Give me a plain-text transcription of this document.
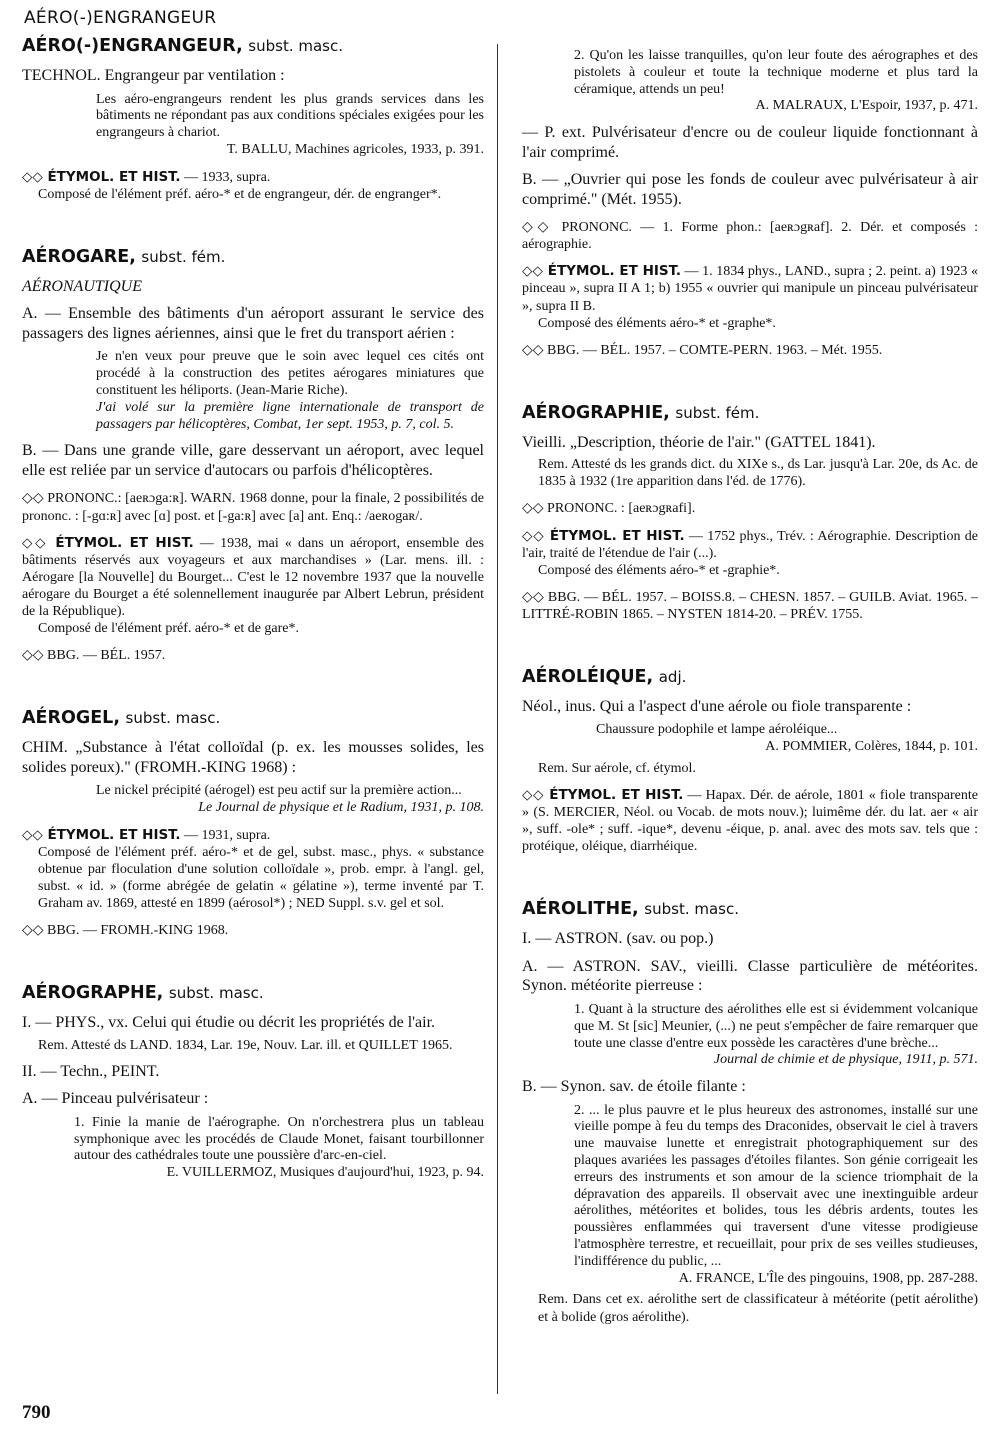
AÉRO(-)ENGRANGEUR
AÉRO(-)ENGRANGEUR, subst. masc.

TECHNOL. Engrangeur par ventilation :

Les aéro-engrangeurs rendent les plus grands services dans les bâtiments ne répondant pas aux conditions spéciales exigées pour les engrangeurs à chariot.
T. BALLU, Machines agricoles, 1933, p. 391.
◇◇ ÉTYMOL. ET HIST. — 1933, supra.
Composé de l'élément préf. aéro-* et de engrangeur, dér. de engranger*.
AÉROGARE, subst. fém.

AÉRONAUTIQUE

A. — Ensemble des bâtiments d'un aéroport assurant le service des passagers des lignes aériennes, ainsi que le fret du transport aérien :

Je n'en veux pour preuve que le soin avec lequel ces cités ont procédé à la construction des petites aérogares miniatures que constituent les héliports. (Jean-Marie Riche).
J'ai volé sur la première ligne internationale de transport de passagers par hélicoptères, Combat, 1er sept. 1953, p. 7, col. 5.

B. — Dans une grande ville, gare desservant un aéroport, avec lequel elle est reliée par un service d'autocars ou parfois d'hélicoptères.

◇◇ PRONONC.: [aeʀɔga:ʀ]. WARN. 1968 donne, pour la finale, 2 possibilités de prononc. : [-gɑ:ʀ] avec [ɑ] post. et [-ga:ʀ] avec [a] ant. Enq.: /aeʀogaʀ/.
◇◇ ÉTYMOL. ET HIST. — 1938, mai « dans un aéroport, ensemble des bâtiments réservés aux voyageurs et aux marchandises » (Lar. mens. ill. : Aérogare [la Nouvelle] du Bourget... C'est le 12 novembre 1937 que la nouvelle aérogare du Bourget a été solennellement inaugurée par Albert Lebrun, président de la République).
Composé de l'élément préf. aéro-* et de gare*.
◇◇ BBG. — BÉL. 1957.
AÉROGEL, subst. masc.

CHIM. „Substance à l'état colloïdal (p. ex. les mousses solides, les solides poreux)." (FROMH.-KING 1968) :

Le nickel précipité (aérogel) est peu actif sur la première action...
Le Journal de physique et le Radium, 1931, p. 108.
◇◇ ÉTYMOL. ET HIST. — 1931, supra.
Composé de l'élément préf. aéro-* et de gel, subst. masc., phys. « substance obtenue par floculation d'une solution colloïdale », prob. empr. à l'angl. gel, subst. « id. » (forme abrégée de gelatin « gélatine »), terme inventé par T. Graham av. 1869, attesté en 1899 (aérosol*) ; NED Suppl. s.v. gel et sol.
◇◇ BBG. — FROMH.-KING 1968.
AÉROGRAPHE, subst. masc.

I. — PHYS., vx. Celui qui étudie ou décrit les propriétés de l'air.

Rem. Attesté ds LAND. 1834, Lar. 19e, Nouv. Lar. ill. et QUILLET 1965.

II. — Techn., PEINT.

A. — Pinceau pulvérisateur :

1. Finie la manie de l'aérographe. On n'orchestrera plus un tableau symphonique avec les procédés de Claude Monet, faisant tourbillonner autour des cathédrales toute une poussière d'arc-en-ciel.
E. VUILLERMOZ, Musiques d'aujourd'hui, 1923, p. 94.
2. Qu'on les laisse tranquilles, qu'on leur foute des aérographes et des pistolets à couleur et toute la technique moderne et plus tard la céramique, attends un peu!
A. MALRAUX, L'Espoir, 1937, p. 471.

— P. ext. Pulvérisateur d'encre ou de couleur liquide fonctionnant à l'air comprimé.

B. — „Ouvrier qui pose les fonds de couleur avec pulvérisateur à air comprimé." (Mét. 1955).

◇◇ PRONONC. — 1. Forme phon.: [aeʀɔgʀaf]. 2. Dér. et composés : aérographie.
◇◇ ÉTYMOL. ET HIST. — 1. 1834 phys., LAND., supra ; 2. peint. a) 1923 « pinceau », supra II A 1; b) 1955 « ouvrier qui manipule un pinceau pulvérisateur », supra II B.
Composé des éléments aéro-* et -graphe*.
◇◇ BBG. — BÉL. 1957. – COMTE-PERN. 1963. – Mét. 1955.
AÉROGRAPHIE, subst. fém.

Vieilli. „Description, théorie de l'air." (GATTEL 1841).

Rem. Attesté ds les grands dict. du XIXe s., ds Lar. jusqu'à Lar. 20e, ds Ac. de 1835 à 1932 (1re apparition dans l'éd. de 1776).
◇◇ PRONONC. : [aeʀɔgʀafi].
◇◇ ÉTYMOL. ET HIST. — 1752 phys., Trév. : Aérographie. Description de l'air, traité de l'étendue de l'air (...).
Composé des éléments aéro-* et -graphie*.
◇◇ BBG. — BÉL. 1957. – BOISS.8. – CHESN. 1857. – GUILB. Aviat. 1965. – LITTRÉ-ROBIN 1865. – NYSTEN 1814-20. – PRÉV. 1755.
AÉROLÉIQUE, adj.

Néol., inus. Qui a l'aspect d'une aérole ou fiole transparente :

Chaussure podophile et lampe aéroléique...
A. POMMIER, Colères, 1844, p. 101.
Rem. Sur aérole, cf. étymol.
◇◇ ÉTYMOL. ET HIST. — Hapax. Dér. de aérole, 1801 « fiole transparente » (S. MERCIER, Néol. ou Vocab. de mots nouv.); luimême dér. du lat. aer « air », suff. -ole* ; suff. -ique*, devenu -éique, p. anal. avec des mots sav. tels que : protéique, oléique, diarrhéique.
AÉROLITHE, subst. masc.

I. — ASTRON. (sav. ou pop.)

A. — ASTRON. SAV., vieilli. Classe particulière de météorites. Synon. météorite pierreuse :

1. Quant à la structure des aérolithes elle est si évidemment volcanique que M. St [sic] Meunier, (...) ne peut s'empêcher de faire remarquer que toute une classe d'entre eux possède les caractères d'une brèche...
Journal de chimie et de physique, 1911, p. 571.

B. — Synon. sav. de étoile filante :

2. ... le plus pauvre et le plus heureux des astronomes, installé sur une vieille pompe à feu du temps des Draconides, observait le ciel à travers une mauvaise lunette et enregistrait photographiquement sur des plaques avariées les passages d'étoiles filantes. Son génie corrigeait les erreurs des instruments et son amour de la science triomphait de la dépravation des appareils. Il observait avec une inextinguible ardeur aérolithes, météorites et bolides, tous les débris ardents, toutes les poussières enflammées qui traversent d'une vitesse prodigieuse l'atmosphère terrestre, et recueillait, pour prix de ses veilles studieuses, l'indifférence du public, ...
A. FRANCE, L'Île des pingouins, 1908, pp. 287-288.
Rem. Dans cet ex. aérolithe sert de classificateur à météorite (petit aérolithe) et à bolide (gros aérolithe).
790
